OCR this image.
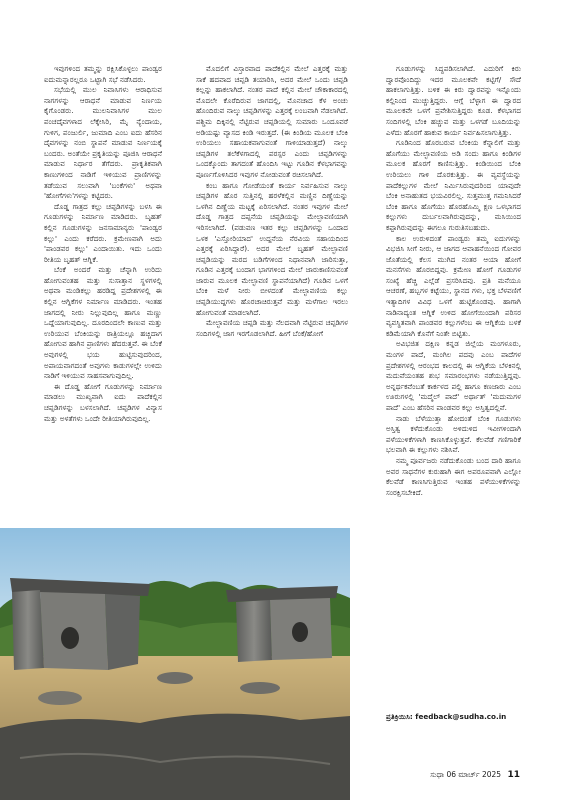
ಇವುಗಳಿಂದ ತಮ್ಮನ್ನು ರಕ್ಷಿಸಿಕೊಳ್ಳಲು ಪಾಂಡ್ವರ ಐದುಮನ್ನಾರಲ್ಲರೂ ಒಟ್ಟಾಗಿ ಸಭೆ ನಡೆಸಿದರು.

ಸಭೆಯಲ್ಲಿ ಮುಲ ನಿವಾಸಿಗಳು ಆರಾಧಿಸುವ ನಾಗಗಳನ್ನು ಆರಾಧನೆ ಮಾಡುವ ನಿರ್ಣಯ ಕೈಗೊಂಡರು. ಮುಲನಿವಾಸಿಗಳ ಮುಲ ಪಂಚದೈವಗಳಾದ ಲೆಕ್ಕೇಸಿರಿ, ಮೈ ನ್ಯೆಂದಾಯ, ಗುಳಿಗ, ಪಂಜುರ್ಲಿ, ಜುಮಾದಿ ಎಂಬ ಐದು ಹೆಸರಿನ ದೈವಗಳನ್ನು ನಂಬಿ ಸ್ಥಾಪನೆ ಮಾಡುವ ನಿರ್ಣಯಕ್ಕೆ ಬಂದರು. ಅಂತೆಯೇ ಪ್ರಕೃತಿಯನ್ನು ಪೂಜಿಸಿ ಆರಾಧನೆ ಮಾಡುವ ನಿರ್ಧಾರ ತೆಗೆದರು. ಪ್ರಾಕೃತಿಕವಾಗಿ ಕಾಣುಗಳಿಂದ ನಾಡಿಗೆ ಇಳಿಯುವ ಪ್ರಾಣಿಗಳನ್ನು ತಡೆಯುವ ಸಲುವಾಗಿ 'ಬಂಕೆಗಳು' ಅಥವಾ 'ಹೋಗೆಗಳು'ಗಳನ್ನು ಕಟ್ಟಿದರು.

ದೊಡ್ಡ ಗಾತ್ರದ ಕಲ್ಲು ಚಪ್ಪಡಿಗಳನ್ನು ಬಳಸಿ ಈ ಗೂಡುಗಳನ್ನು ನಿರ್ಮಾಣ ಮಾಡಿದರು. ಬೃಹತ್ ಕಲ್ಲಿನ ಗೂಡುಗಳನ್ನು ಜನಸಾಮಾನ್ಯರು 'ಪಾಂಡ್ವರ ಕಲ್ಲು' ಎಂದು ಕರೆದರು. ಕ್ರಮೇಣವಾಗಿ ಅದು 'ಪಾಂಡವರ ಕಲ್ಲು' ಎಂದಾಯಿತು. ಇದು ಒಂದು ರೀತಿಯ ಬೃಹತ್ ಆಗ್ನಿಕೆ.

ಬೆಂಕೆ ಅಂದರೆ ಮತ್ತು ಚೆನ್ನಾಗಿ ಉರಿದು ಹೋಗುವಂತಹ ಮತ್ತು ಸುಸಾತ್ತಾನ ಸ್ಥಳಗಳಲ್ಲಿ ಅಥವಾ ಮಂಡಿಕಲ್ಲು ಹರಡಿದ್ದ ಪ್ರದೇಶಗಳಲ್ಲಿ ಈ ಕಲ್ಲಿನ ಆಗ್ನಿಕೆಗಳ ನಿರ್ಮಾಣ ಮಾಡಿದರು. ಇಂತಹ ಜಾಗದಲ್ಲಿ ನೀರು ನಿಲ್ಲುವುದಿಲ್ಲ ಹಾಗೂ ಮಣ್ಣು ಒದ್ದೆಯಾಗುವುದಿಲ್ಲ. ದೂರದಿಂದಲೇ ಕಾಣುವ ಮತ್ತು ಉರಿಯುವ ಬೆಂಕಿಯನ್ನು ರಾತ್ರಿಯಲ್ಲೂ ಹಚ್ಚಿದಾಗ ಹೋಗುವ ಹಾಗಿನ ಪ್ರಾಣಿಗಳು ಹೆದರುತ್ತವೆ. ಈ ಬೆಂಕೆ ಅವುಗಳಲ್ಲಿ ಭಯ ಹುಟ್ಟಿಸುವುದರಿಂದ, ಅಪಾಯವಾಗದಂತೆ ಅವುಗಳು ಕಾಡುಗಳಲ್ಲೇ ಉಳಿದು ನಾಡಿಗೆ ಇಳಿಯುವ ಸಾಹಸವಾಗುವುದಿಲ್ಲ.

ಈ ದೊಡ್ಡ ಹೋಗೆ ಗೂಡುಗಳನ್ನು ನಿರ್ಮಾಣ ಮಾಡಲು ಮುಖ್ಯವಾಗಿ ಐದು ಪಾದೆಕಲ್ಲಿನ ಚಪ್ಪಡಿಗಳನ್ನು ಬಳಸಲಾಗಿದೆ. ಚಪ್ಪಡಿಗಳ ವಿನ್ಯಾಸ ಮತ್ತು ಅಳತೆಗಳು ಒಂದೇ ರೀತಿಯಾಗಿರುವುದಿಲ್ಲ.

ಮೊದಲಿಗೆ ವಿಸ್ತಾರವಾದ ಪಾದೆಕಲ್ಲಿನ ಮೇಲೆ ಎತ್ತರಕ್ಕೆ ಮತ್ತು ಸಾಕೆ ಹದವಾದ ಚಪ್ಪಡಿ ತಯಾರಿಸಿ, ಅದರ ಮೇಲೆ ಒಂದು ಚಪ್ಪಡಿ ಕಲ್ಲನ್ನು ಹಾಕಲಾಗಿದೆ. ನಂತರ ಪಾದೆ ಕಲ್ಲಿನ ಮೇಲೆ ಚೌಕಾಕಾರದಲ್ಲಿ ಮೊದಲೇ ಕೊರೆದಿರುವ ಜಾಗದಲ್ಲಿ, ಮೊನಚಾದ ಕೆಳ ಅಂಚು ಹೊಂದಿರುವ ನಾಲ್ಕು ಚಪ್ಪಡಿಗಳನ್ನು ಎತ್ತರಕ್ಕೆ ಲಂಬವಾಗಿ ನೆಡಲಾಗಿದೆ. ಪಶ್ಚಿಮ ದಿಕ್ಕಿನಲ್ಲಿ ನೆಟ್ಟಿರುವ ಚಪ್ಪಡಿಯಲ್ಲಿ ಸುಮಾರು ಒಂದೂವರೆ ಅಡಿಯಷ್ಟು ವ್ಯಾಸದ ಕಿಂಡಿ ಇರುತ್ತದೆ. (ಈ ಕಿಂಡಿಯ ಮೂಲಕ ಬೆಂಕಿ ಉರಿಯಲು ಸಹಾಯಕವಾಗುವಂತೆ ಗಾಳಿಯಾಡುತ್ತದೆ) ನಾಲ್ಕು ಚಪ್ಪಡಿಗಳ ತಲೆಕೆಳಗಾದಲ್ಲಿ ಪರಸ್ಪರ ಎಂದು ಚಪ್ಪಡಿಗಳನ್ನು ಒಂದಕ್ಕೊಂದು ತಾಗದಂತೆ ಹೊಂದಿಸಿ ಇಟ್ಟು ಗೂಡಿನ ಕೆಳಭಾಗವನ್ನು ಪೂರ್ಣಗೊಳಿಸಿದರ ಇವುಗಳ ನೋಡುವಂತೆ ರಚಿಸಲಾಗಿದೆ.

ಕಂಬ ಹಾಗೂ ಗೋಡೆಯಂತೆ ಕಾರ್ಯ ನಿರ್ವಹಿಸುವ ನಾಲ್ಕು ಚಪ್ಪಡಿಗಳ ಹೊರ ಸುತ್ತಿನಲ್ಲಿ ಹರಳೆಕಲ್ಲಿನ ಮಣ್ಣಿನ ದಿಣ್ಣೆಯನ್ನು ಒಳಗಿನ ದಿಣ್ಣೆಯ ಮಟ್ಟಕ್ಕೆ ಏರಿಸಲಾಗಿದೆ. ನಂತರ ಇವುಗಳ ಮೇಲೆ ದೊಡ್ಡ ಗಾತ್ರದ ದಪ್ಪನೆಯ ಚಪ್ಪಡಿಯನ್ನು ಮೇಲ್ಛಾವಣಿಯಾಗಿ ಇರಿಸಲಾಗಿದೆ. (ಪಡುವಣ ಇತರ ಕಲ್ಲು ಚಪ್ಪಡಿಗಳನ್ನು ಒಂದಾದ ಒಳಕ 'ಎಸ್ತೋರಿಯಾದ' ಉದ್ದನೆಯ ನೆರವಿಯ ಸಹಾಯದಿಂದ ಎತ್ತರಕ್ಕೆ ಏರಿಸಿದ್ದಾರೆ). ಅದರ ಮೇಲೆ ಬೃಹತ್ ಮೇಲ್ಛಾವಣಿ ಚಪ್ಪಡಿಯನ್ನು ಮರದ ಬಡಿಗೆಗಳಿಂದ ನಿಧಾನವಾಗಿ ಜಾರಿಸುತ್ತಾ, ಗೂಡಿನ ಎತ್ತರಕ್ಕೆ ಬಂದಾಗ ಭಾಗಗಳಿಂದ ಮೇಲೆ ಜಾರುಕಾಣಿಸುವಂತೆ ಜಾರುವ ಮೂಲಕ ಮೇಲ್ಛಾವಣಿ ಸ್ಥಾಪನೆಯಾಗಿದೆ) ಗೂಡಿನ ಒಳಗೆ ಬೆಂಕಿ ಮಳೆ ನೀರು ಬೀಳದಂತೆ ಮೇಲ್ಛಾವಣಿಯ ಕಲ್ಲು ಚಪ್ಪಡಿಯುದ್ದಗಳು ಹೊರಚಾಚಿರುತ್ತವೆ ಮತ್ತು ಮಳೆಗಾಲ ಇರಲು ಹೋಗುವಂತೆ ಮಾಡಲಾಗಿದೆ.

ಮೇಲ್ಛಾವಣಿಯ ಚಪ್ಪಡಿ ಮತ್ತು ನೆಲದವಾಗಿ ನೆಟ್ಟಿರುವ ಚಪ್ಪಡಿಗಳ ಸಂದಿಗಳಲ್ಲಿ ಜಾಗ ಇರಗೊಡಲಾಗಿದೆ. ಹೀಗೆ ಬೆಂಕೆ/ಹೋಗೆ

ಗೂಡುಗಳನ್ನು ಸಿದ್ಧಪಡಿಸಲಾಗಿದೆ. ಎದುರಿಗೆ ಕಿರು ದ್ವಾರವೊಂದಿದ್ದು ಇದರ ಮೂಲಕವೇ ಕಟ್ಟಿಗೆ/ ಸೌದೆ ಹಾಕಲಾಗುತ್ತಿತ್ತು. ಬಳಿಕ ಈ ಕಿರು ದ್ವಾರವನ್ನು ಇನ್ನೊಂದು ಕಲ್ಲಿನಿಂದ ಮುಚ್ಚುತ್ತಿದ್ದರು. ಆಗ್ಗೆ ಬೆಳ್ಳಾಗ ಈ ದ್ವಾರದ ಮೂಲಕವೇ ಒಳಗೆ ಪ್ರವೇಶಿಸುತ್ತಿದ್ದರು ಕೂಡ. ಕೆಳಭಾಗದ ಸಂದಿಗಳಲ್ಲಿ ಬೆಂಕಿ ಹಚ್ಚುವ ಮತ್ತು ಒಳಗಡೆ ಬೂದಿಯನ್ನು ಎಳೆದು ಹೊರಗೆ ಹಾಕುವ ಕಾರ್ಯ ನಿರ್ವಹಿಸಲಾಗುತ್ತಿತ್ತು.

ಗೂಡಿನಿಂದ ಹೊರಬರುವ ಬೆಂಕಿಯ ಕೆನ್ನಾಲಿಗೆ ಮತ್ತು ಹೊಗೆಯು ಮೇಲ್ಛಾವಣಿಯ ಅಡಿ ಸಂದು ಹಾಗೂ ಕಿಂಡಿಗಳ ಮೂಲಕ ಹೊರಗೆ ಕಾಣಿಸುತ್ತಿತ್ತು. ಕಿಂಡಿಯಿಂದ ಬೆಂಕಿ ಉರಿಯಲು ಗಾಳಿ ದೊರಕುತ್ತಿತ್ತು. ಈ ವ್ಯವಸ್ಥೆಯನ್ನು ಪಾದೆಕಲ್ಲುಗಳ ಮೇಲೆ ನಿರ್ಮಿಸಿರುವುದರಿಂದ ಯಾವುದೇ ಬೆಂಕಿ ಅನಾಹುತದ ಭಯವಿರಲಿಲ್ಲ. ಸುತ್ತಮುತ್ತ ಗಮನಿಸಿದರೆ ಬೆಂಕಿ ಹಾಗೂ ಹೊಗೆಯು ಹೊರಹೊಮ್ಮಿ ಕ್ಷಣ ಒಳಭಾಗದ ಕಲ್ಲುಗಳು ದುರ್ಬಲವಾಗಿರುವುದನ್ನು, ಮಸಿಯಿಂದ ಕಪ್ಪಾಗಿರುವುದನ್ನು ಈಗಲೂ ಗುರುತಿಸಬಹುದು.

ಕಾಲ ಉರುಳಿದಂತೆ ಪಾಂಡ್ವರು ತಮ್ಮ ಐದುಗಳನ್ನು ವಿಭಜಿಸಿ ಸೀಗೆ ನೀರು, ಆ ಜಾಗದ ಆವಾಹನೆಯಿಂದ ಗೋವರ ಜೊತೆಯಲ್ಲಿ ಕೆಲಸ ಮುಗಿದ ನಂತರ ಆಯಾ ಹೋಗೆ ಮನಸೆಗಳು ಹೊರಬಿದ್ದವು. ಕ್ರಮೇಣ ಹೋಗೆ ಗೂಡುಗಳ ಸಂಖ್ಯೆ ಹೆಚ್ಚಿ ಎಲ್ಲೆಡೆ ಪ್ರಸರಿಸಿದವು. ಪ್ರತಿ ಮನೆಯೂ ಆಚರಣೆ, ಹಬ್ಬಗಳ ಕಟ್ಟೆಯು, ಸ್ಥಾನದ ಗಳು, ಭಕ್ತ ಬೆಳವಣಿಗೆ ಇತ್ಯಾದಿಗಳ ವಿವಿಧ ಒಳಗೆ ಹುಟ್ಟಿಕೊಂಡವು. ಹಾಗಾಗಿ ನಾಡಿನಾದ್ಯಂತ ಆಗ್ನಿಕೆ ಉಳಿದ ಹೋಗೆಯಿಂದಾಗಿ ಪರಿಸರ ವ್ಯವಸ್ಥಿತವಾಗಿ ಪಾಂಡವರ ಕಲ್ಲುಗಳೆಂಬ ಈ ಆಗ್ನಿಕೆಯ ಬಳಕೆ ಕಡಿಮೆಯಾಗಿ ಕೊನೆಗೆ ನಿಂತೇ ಬಿಟ್ಟಿತು.

ಅವಿಭಜಿತ ದಕ್ಷಿಣ ಕನ್ನಡ ಜಿಲ್ಲೆಯ ಮಂಗಳೂರು, ಮಂಗಳ ಪಾದೆ, ಮಂಗಿಲ ಪದವು ಎಂಬ ಪಾದೆಗಳ ಪ್ರದೇಶಗಳಲ್ಲಿ ಆರಂಭದ ಕಾಲದಲ್ಲಿ ಈ ಆಗ್ನಿಕೆಯ ಬೆಳಕಿನಲ್ಲಿ ಮದುವೆಯಂತಹ ಶುಭ ಸಮಾರಂಭಗಳು ನಡೆಯುತ್ತಿದ್ದವು. ಅನ್ನರ್ಥಕವೆಂಬತೆ ಕಾರ್ಕಳದ ಪಲ್ಲಿ ಹಾಗೂ ಕಣಜಾರು ಎಂಬ ಊರುಗಳಲ್ಲಿ 'ಮದ್ಮೆಲ್ ಪಾದೆ' ಅರ್ಥಾತ್ 'ಮದುಮಗಳ ಪಾದೆ' ಎಂಬ ಹೆಸರಿನ ಪಾಂಡವರ ಕಲ್ಲು ಅಸ್ತಿತ್ವದಲ್ಲಿವೆ.

ನಾಡು ಬೆಳೆಯುತ್ತಾ ಹೋದಂತೆ ಬೆಂಕಿ ಗೂಡುಗಳು ಅಸ್ತಿತ್ವ ಕಳೆದುಕೊಂಡು ಅಳಿದುಳಿದ ಇವೀಗಳಿಂದಾಗಿ ಪಳೆಯುಳಿಕೆಗಳಾಗಿ ಕಾಣಸಿಕೊಳ್ಳುತ್ತವೆ. ಕೆಲವೆಡೆ ಗಣಿಗಾರಿಕೆ ಭಲವಾಗಿ ಈ ಕಲ್ಲುಗಳು ನಶಿಸಿವೆ.

ನಮ್ಮ ಪೂರ್ವಜರು ನಡೆದುಕೊಂಡು ಬಂದ ದಾರಿ ಹಾಗೂ ಅವರ ಸಾಧನೆಗಳ ಕುರುಹಾಗಿ ಈಗ ಅಪರೂಪವಾಗಿ ಎಲ್ಲೋ ಕೆಲವೆಡೆ ಕಾಣಸಿಗುತ್ತಿರುವ ಇಂತಹ ಪಳೆಯುಳಿಕೆಗಳನ್ನು ಸಂರಕ್ಷಿಸಬೇಕಿದೆ.

ಪ್ರತಿಕ್ರಿಯಿಸಿ: feedback@sudha.co.in
ಸುಧಾ 06 ಮಾರ್ಚ್ 2025 11
